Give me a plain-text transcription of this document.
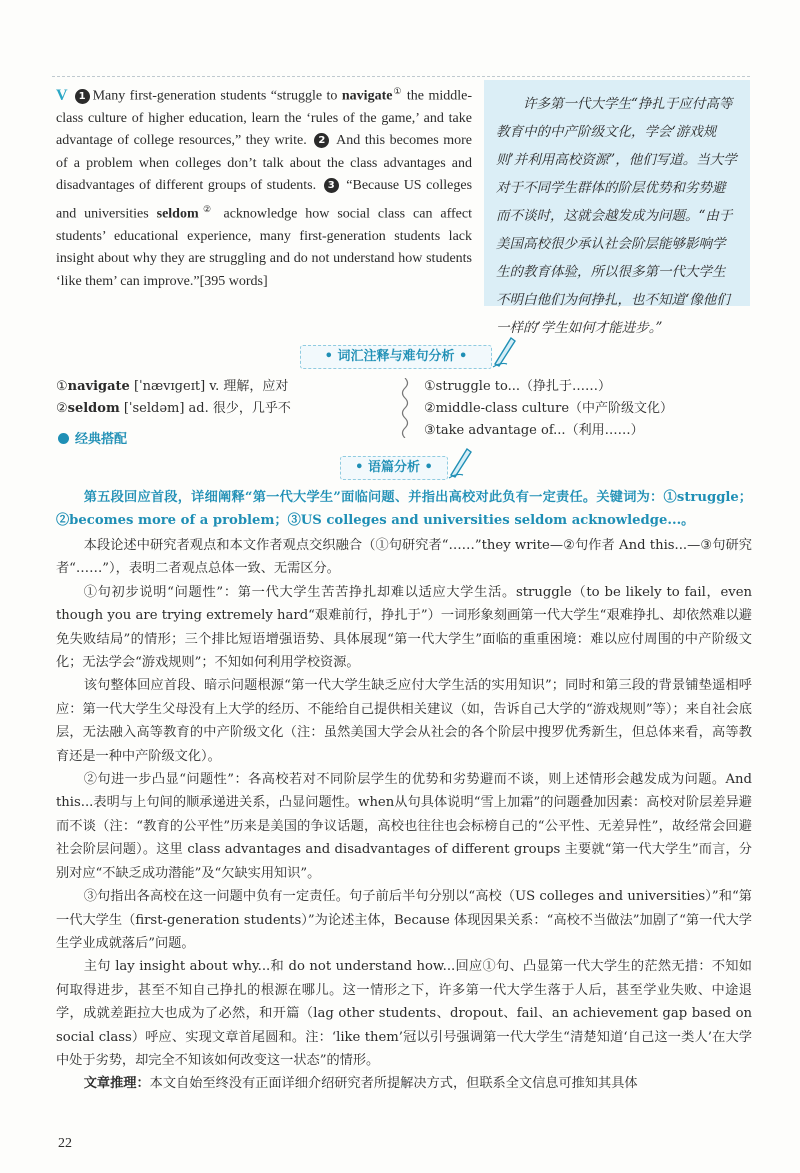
V 1 Many first-generation students “struggle to navigate① the middle-class culture of higher education, learn the ‘rules of the game,’ and take advantage of college resources,” they write. 2 And this becomes more of a problem when colleges don’t talk about the class advantages and disadvantages of different groups of students. 3 “Because US colleges and universities seldom② acknowledge how social class can affect students’ educational experience, many first-generation students lack insight about why they are struggling and do not understand how students ‘like them’ can improve.”[395 words]
许多第一代大学生“挣扎于应付高等教育中的中产阶级文化，学会‘游戏规则’并利用高校资源”，他们写道。当大学对于不同学生群体的阶层优势和劣势避而不谈时，这就会越发成为问题。“由于美国高校很少承认社会阶层能够影响学生的教育体验，所以很多第一代大学生不明白他们为何挣扎，也不知道‘像他们一样的’学生如何才能进步。”
• 词汇注释与难句分析 •
①navigate [ˈnævɪɡeɪt] v. 理解，应对
②seldom [ˈseldəm] ad. 很少，几乎不
①struggle to...（挣扎于……）
②middle-class culture（中产阶级文化）
③take advantage of...（利用……）
经典搭配
• 语篇分析 •

第五段回应首段，详细阐释“第一代大学生”面临问题、并指出高校对此负有一定责任。关键词为：①struggle；②becomes more of a problem；③US colleges and universities seldom acknowledge...。

本段论述中研究者观点和本文作者观点交织融合（①句研究者“……”they write—②句作者 And this...—③句研究者“……”），表明二者观点总体一致、无需区分。

①句初步说明“问题性”：第一代大学生苦苦挣扎却难以适应大学生活。struggle（to be likely to fail，even though you are trying extremely hard“艰难前行，挣扎于”）一词形象刻画第一代大学生“艰难挣扎、却依然难以避免失败结局”的情形；三个排比短语增强语势、具体展现“第一代大学生”面临的重重困境：难以应付周围的中产阶级文化；无法学会“游戏规则”；不知如何利用学校资源。

该句整体回应首段、暗示问题根源“第一代大学生缺乏应付大学生活的实用知识”；同时和第三段的背景铺垫遥相呼应：第一代大学生父母没有上大学的经历、不能给自己提供相关建议（如，告诉自己大学的“游戏规则”等）；来自社会底层，无法融入高等教育的中产阶级文化（注：虽然美国大学会从社会的各个阶层中搜罗优秀新生，但总体来看，高等教育还是一种中产阶级文化）。

②句进一步凸显“问题性”：各高校若对不同阶层学生的优势和劣势避而不谈，则上述情形会越发成为问题。And this...表明与上句间的顺承递进关系，凸显问题性。when从句具体说明“雪上加霜”的问题叠加因素：高校对阶层差异避而不谈（注：“教育的公平性”历来是美国的争议话题，高校也往往也会标榜自己的“公平性、无差异性”，故经常会回避社会阶层问题）。这里 class advantages and disadvantages of different groups 主要就“第一代大学生”而言，分别对应“不缺乏成功潜能”及“欠缺实用知识”。

③句指出各高校在这一问题中负有一定责任。句子前后半句分别以“高校（US colleges and universities）”和“第一代大学生（first-generation students）”为论述主体，Because 体现因果关系：“高校不当做法”加剧了“第一代大学生学业成就落后”问题。

主句 lay insight about why...和 do not understand how...回应①句、凸显第一代大学生的茫然无措：不知如何取得进步，甚至不知自己挣扎的根源在哪儿。这一情形之下，许多第一代大学生落于人后，甚至学业失败、中途退学，成就差距拉大也成为了必然，和开篇（lag other students、dropout、fail、an achievement gap based on social class）呼应、实现文章首尾圆和。注：‘like them’冠以引号强调第一代大学生“清楚知道‘自己这一类人’在大学中处于劣势，却完全不知该如何改变这一状态”的情形。

文章推理：本文自始至终没有正面详细介绍研究者所提解决方式，但联系全文信息可推知其具体

22
